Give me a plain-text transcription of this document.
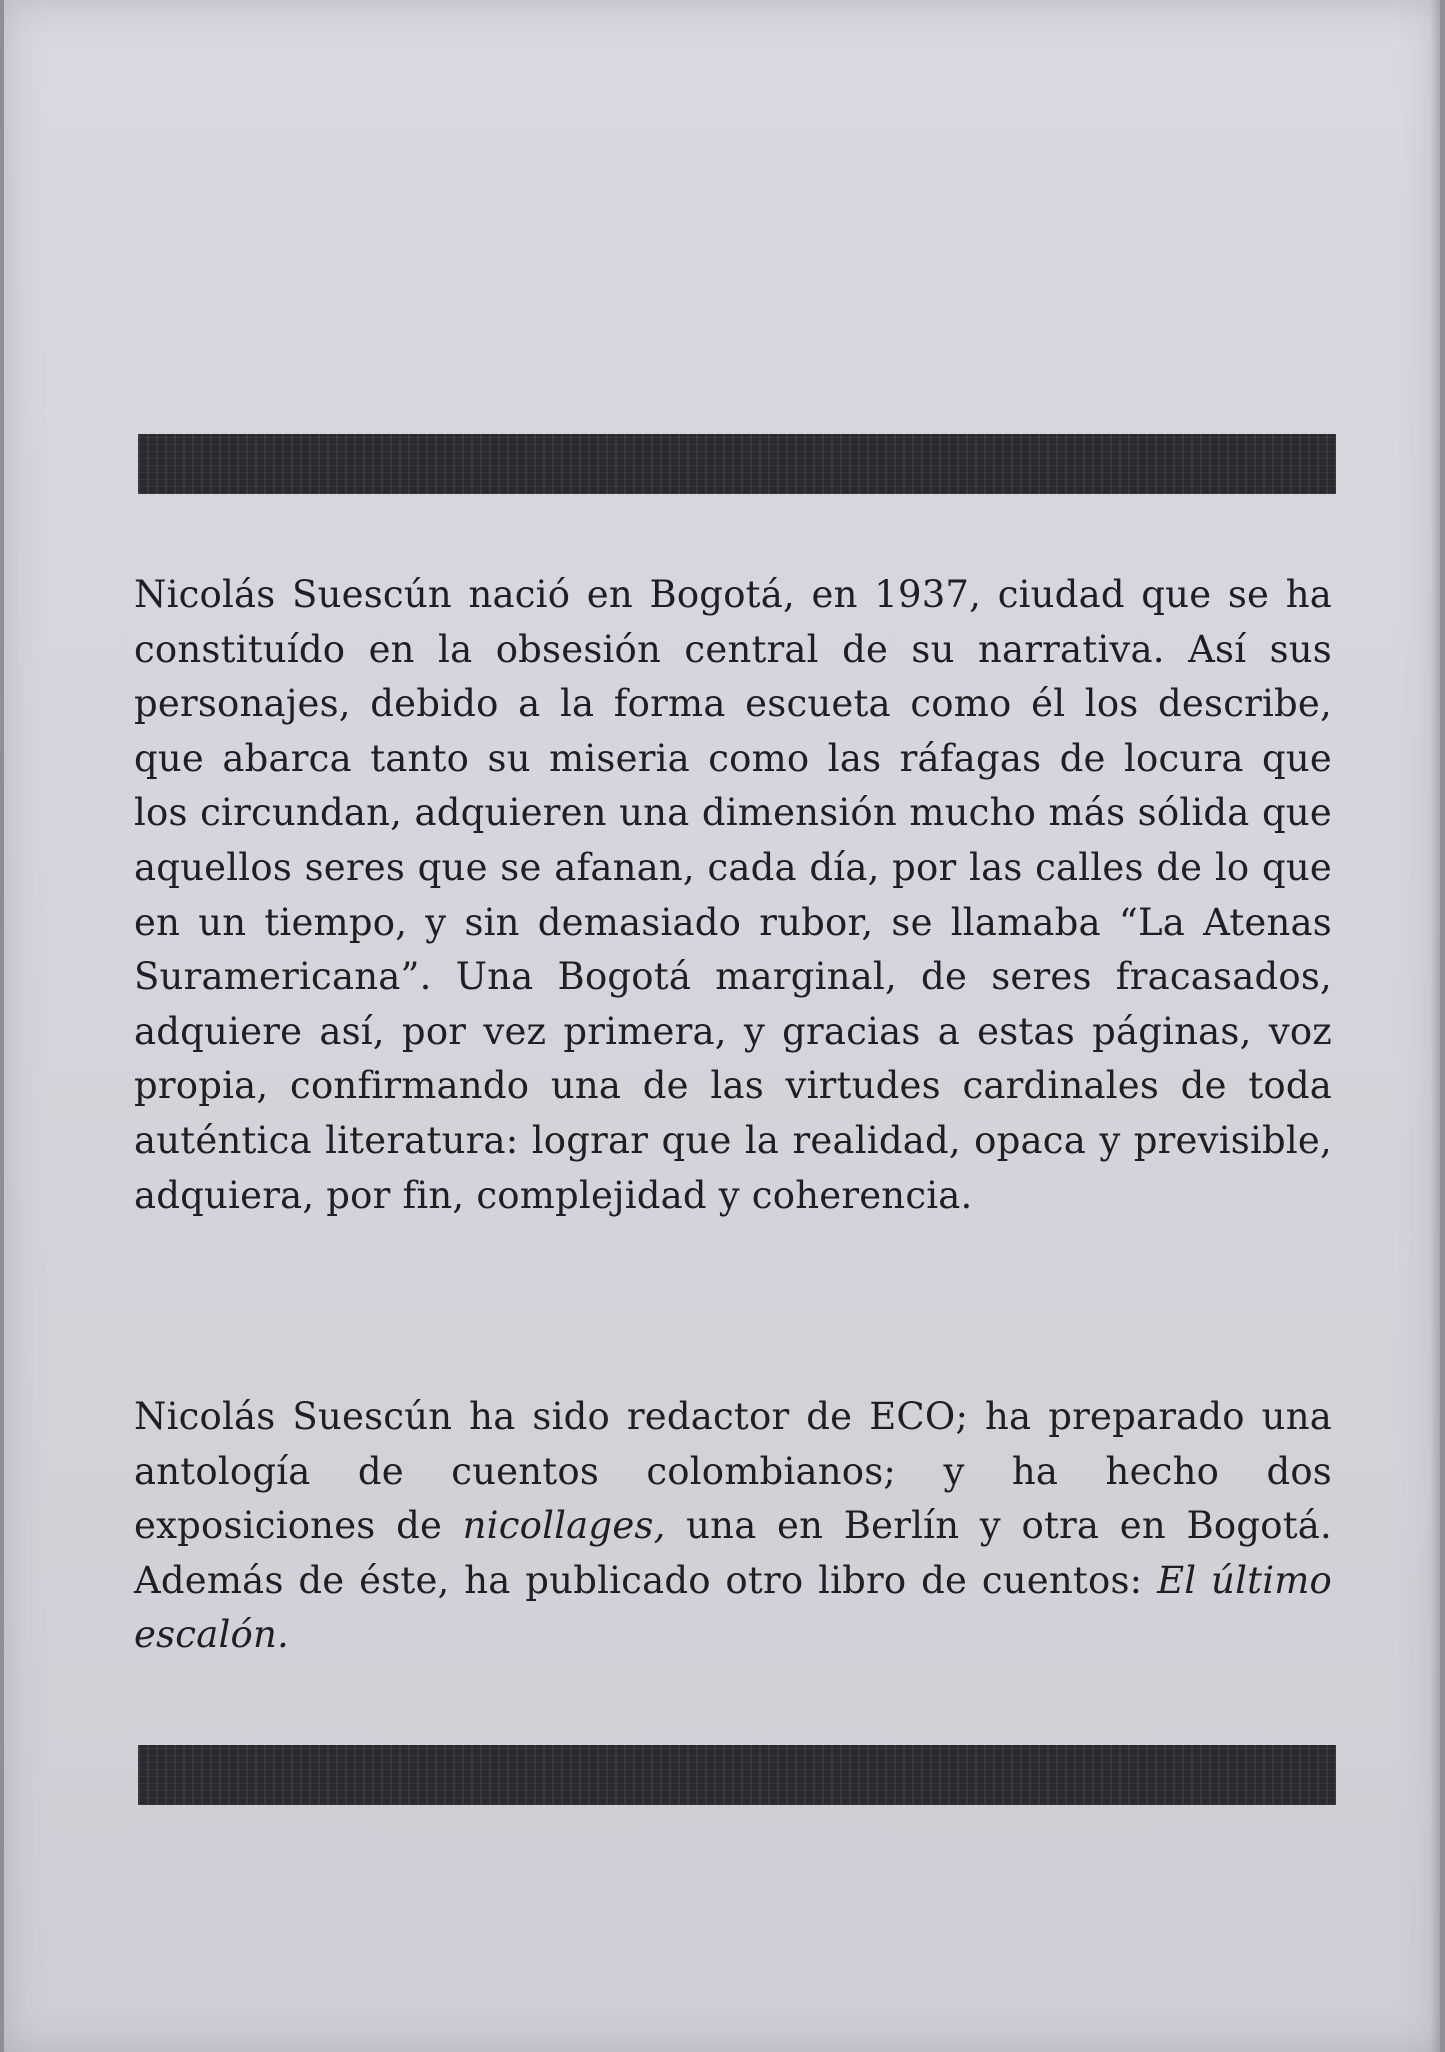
Nicolás Suescún nació en Bogotá, en 1937, ciudad que se ha constituído en la obsesión central de su narrativa. Así sus personajes, debido a la forma escueta como él los describe, que abarca tanto su miseria como las ráfagas de locura que los circundan, adquieren una dimensión mucho más sólida que aquellos seres que se afanan, cada día, por las calles de lo que en un tiempo, y sin demasiado rubor, se llamaba “La Atenas Suramericana”. Una Bogotá marginal, de seres fracasados, adquiere así, por vez primera, y gracias a estas páginas, voz propia, confirmando una de las virtudes cardinales de toda auténtica literatura: lograr que la realidad, opaca y previsible, adquiera, por fin, complejidad y coherencia.

Nicolás Suescún ha sido redactor de ECO; ha preparado una antología de cuentos colombianos; y ha hecho dos exposiciones de nicollages, una en Berlín y otra en Bogotá. Además de éste, ha publicado otro libro de cuentos: El último escalón.
